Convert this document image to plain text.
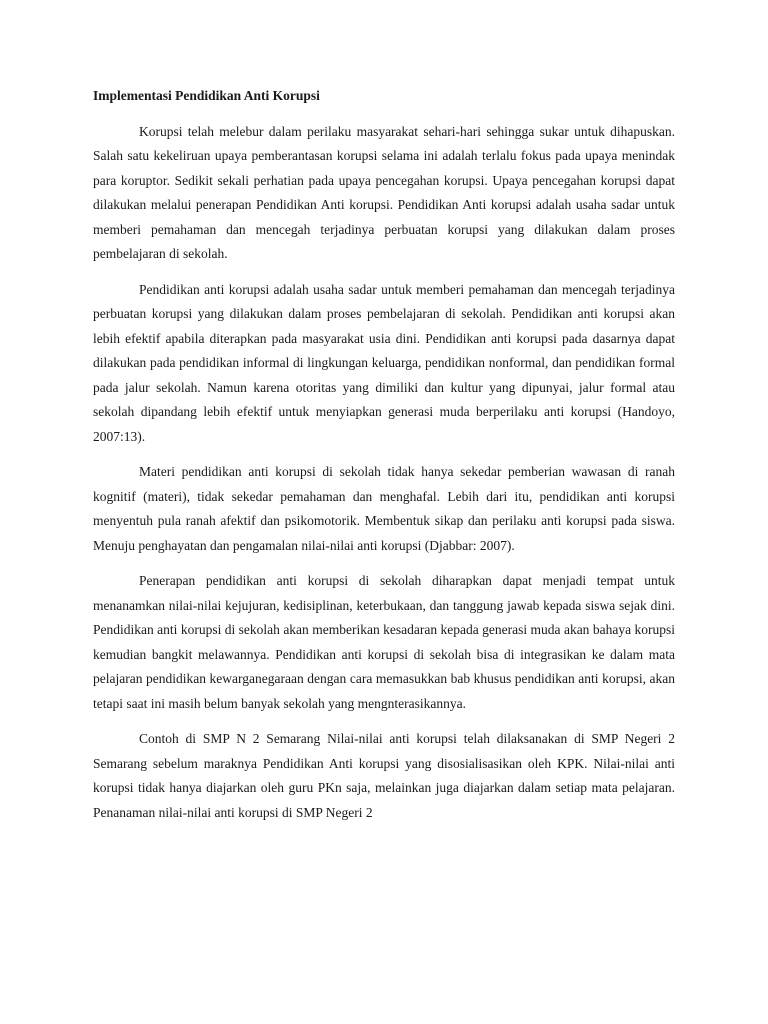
Implementasi Pendidikan Anti Korupsi

Korupsi telah melebur dalam perilaku masyarakat sehari-hari sehingga sukar untuk dihapuskan. Salah satu kekeliruan upaya pemberantasan korupsi selama ini adalah terlalu fokus pada upaya menindak para koruptor. Sedikit sekali perhatian pada upaya pencegahan korupsi. Upaya pencegahan korupsi dapat dilakukan melalui penerapan Pendidikan Anti korupsi. Pendidikan Anti korupsi adalah usaha sadar untuk memberi pemahaman dan mencegah terjadinya perbuatan korupsi yang dilakukan dalam proses pembelajaran di sekolah.

Pendidikan anti korupsi adalah usaha sadar untuk memberi pemahaman dan mencegah terjadinya perbuatan korupsi yang dilakukan dalam proses pembelajaran di sekolah. Pendidikan anti korupsi akan lebih efektif apabila diterapkan pada masyarakat usia dini. Pendidikan anti korupsi pada dasarnya dapat dilakukan pada pendidikan informal di lingkungan keluarga, pendidikan nonformal, dan pendidikan formal pada jalur sekolah. Namun karena otoritas yang dimiliki dan kultur yang dipunyai, jalur formal atau sekolah dipandang lebih efektif untuk menyiapkan generasi muda berperilaku anti korupsi (Handoyo, 2007:13).

Materi pendidikan anti korupsi di sekolah tidak hanya sekedar pemberian wawasan di ranah kognitif (materi), tidak sekedar pemahaman dan menghafal. Lebih dari itu, pendidikan anti korupsi menyentuh pula ranah afektif dan psikomotorik. Membentuk sikap dan perilaku anti korupsi pada siswa. Menuju penghayatan dan pengamalan nilai-nilai anti korupsi (Djabbar: 2007).

Penerapan pendidikan anti korupsi di sekolah diharapkan dapat menjadi tempat untuk menanamkan nilai-nilai kejujuran, kedisiplinan, keterbukaan, dan tanggung jawab kepada siswa sejak dini. Pendidikan anti korupsi di sekolah akan memberikan kesadaran kepada generasi muda akan bahaya korupsi kemudian bangkit melawannya. Pendidikan anti korupsi di sekolah bisa di integrasikan ke dalam mata pelajaran pendidikan kewarganegaraan dengan cara memasukkan bab khusus pendidikan anti korupsi, akan tetapi saat ini masih belum banyak sekolah yang mengnterasikannya.

Contoh di SMP N 2 Semarang Nilai-nilai anti korupsi telah dilaksanakan di SMP Negeri 2 Semarang sebelum maraknya Pendidikan Anti korupsi yang disosialisasikan oleh KPK. Nilai-nilai anti korupsi tidak hanya diajarkan oleh guru PKn saja, melainkan juga diajarkan dalam setiap mata pelajaran. Penanaman nilai-nilai anti korupsi di SMP Negeri 2
